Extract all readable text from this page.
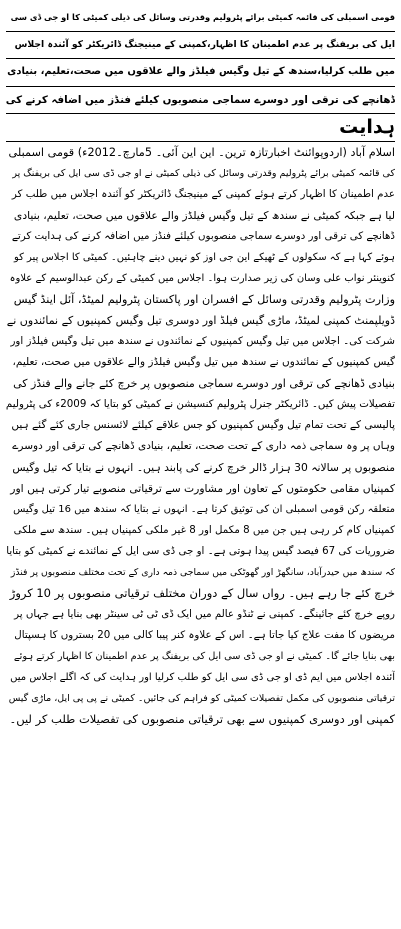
قومی اسمبلی کی قائمہ کمیٹی برائے پٹرولیم وقدرتی وسائل کی ذیلی کمیٹی کا او جی ڈی سی
ایل کی بریفنگ پر عدم اطمینان کا اظہار،کمپنی کے مینیجنگ ڈائریکٹر کو آئندہ اجلاس
میں طلب کرلیا،سندھ کے تیل وگیس فیلڈز والے علاقوں میں صحت،تعلیم، بنیادی
ڈھانچے کی ترقی اور دوسرے سماجی منصوبوں کیلئے فنڈز میں اضافہ کرنے کی
ہدایت
اسلام آباد (اردوپوائنٹ اخبارتازہ ترین۔ این این آئی۔ 5مارچ۔2012ء) قومی اسمبلی
کی قائمہ کمیٹی برائے پٹرولیم وقدرتی وسائل کی ذیلی کمیٹی نے او جی ڈی سی ایل کی بریفنگ پر
عدم اطمینان کا اظہار کرتے ہوئے کمپنی کے مینیجنگ ڈائریکٹر کو آئندہ اجلاس میں طلب کر
لیا ہے جبکہ کمیٹی نے سندھ کے تیل وگیس فیلڈز والے علاقوں میں صحت، تعلیم، بنیادی
ڈھانچے کی ترقی اور دوسرے سماجی منصوبوں کیلئے فنڈز میں اضافہ کرنے کی ہدایت کرتے
ہوئے کہا ہے کہ سکولوں کے ٹھیکے این جی اوز کو نہیں دینے چاہئیں۔ کمیٹی کا اجلاس پیر کو
کنوینئر نواب علی وسان کی زیر صدارت ہوا۔ اجلاس میں کمیٹی کے رکن عبدالوسیم کے علاوہ
وزارت پٹرولیم وقدرتی وسائل کے افسران اور پاکستان پٹرولیم لمیٹڈ، آئل اینڈ گیس
ڈویلپمنٹ کمپنی لمیٹڈ، ماڑی گیس فیلڈ اور دوسری تیل وگیس کمپنیوں کے نمائندوں نے
شرکت کی۔ اجلاس میں تیل وگیس کمپنیوں کے نمائندوں نے سندھ میں تیل وگیس فیلڈز اور
گیس کمپنیوں کے نمائندوں نے سندھ میں تیل وگیس فیلڈز والے علاقوں میں صحت، تعلیم،
بنیادی ڈھانچے کی ترقی اور دوسرے سماجی منصوبوں پر خرچ کئے جانے والے فنڈز کی
تفصیلات پیش کیں۔ ڈائریکٹر جنرل پٹرولیم کنسیشن نے کمیٹی کو بتایا کہ 2009ء کی پٹرولیم
پالیسی کے تحت تمام تیل وگیس کمپنیوں کو جس علاقے کیلئے لائسنس جاری کئے گئے ہیں
وہاں پر وہ سماجی ذمہ داری کے تحت صحت، تعلیم، بنیادی ڈھانچے کی ترقی اور دوسرے
منصوبوں پر سالانہ 30 ہزار ڈالر خرچ کرنے کی پابند ہیں۔ انہوں نے بتایا کہ تیل وگیس
کمپنیاں مقامی حکومتوں کے تعاون اور مشاورت سے ترقیاتی منصوبے تیار کرتی ہیں اور
متعلقہ رکن قومی اسمبلی ان کی توثیق کرتا ہے۔ انہوں نے بتایا کہ سندھ میں 16 تیل وگیس
کمپنیاں کام کر رہی ہیں جن میں 8 مکمل اور 8 غیر ملکی کمپنیاں ہیں۔ سندھ سے ملکی
ضروریات کی 67 فیصد گیس پیدا ہوتی ہے۔ او جی ڈی سی ایل کے نمائندے نے کمیٹی کو بتایا
کہ سندھ میں حیدرآباد، سانگھڑ اور گھوٹکی میں سماجی ذمہ داری کے تحت مختلف منصوبوں پر فنڈز
خرچ کئے جا رہے ہیں۔ رواں سال کے دوران مختلف ترقیاتی منصوبوں پر 10 کروڑ
روپے خرچ کئے جائینگے۔ کمپنی نے ٹنڈو عالم میں ایک ڈی ٹی ٹی سینٹر بھی بنایا ہے جہاں پر
مریضوں کا مفت علاج کیا جاتا ہے۔ اس کے علاوہ کنر پیبا کالی میں 20 بستروں کا ہسپتال
بھی بنایا جائے گا۔ کمیٹی نے او جی ڈی سی ایل کی بریفنگ پر عدم اطمینان کا اظہار کرتے ہوئے
آئندہ اجلاس میں ایم ڈی او جی ڈی سی ایل کو طلب کرلیا اور ہدایت کی کہ اگلے اجلاس میں
ترقیاتی منصوبوں کی مکمل تفصیلات کمیٹی کو فراہم کی جائیں۔ کمیٹی نے پی پی ایل، ماڑی گیس
کمپنی اور دوسری کمپنیوں سے بھی ترقیاتی منصوبوں کی تفصیلات طلب کر لیں۔
